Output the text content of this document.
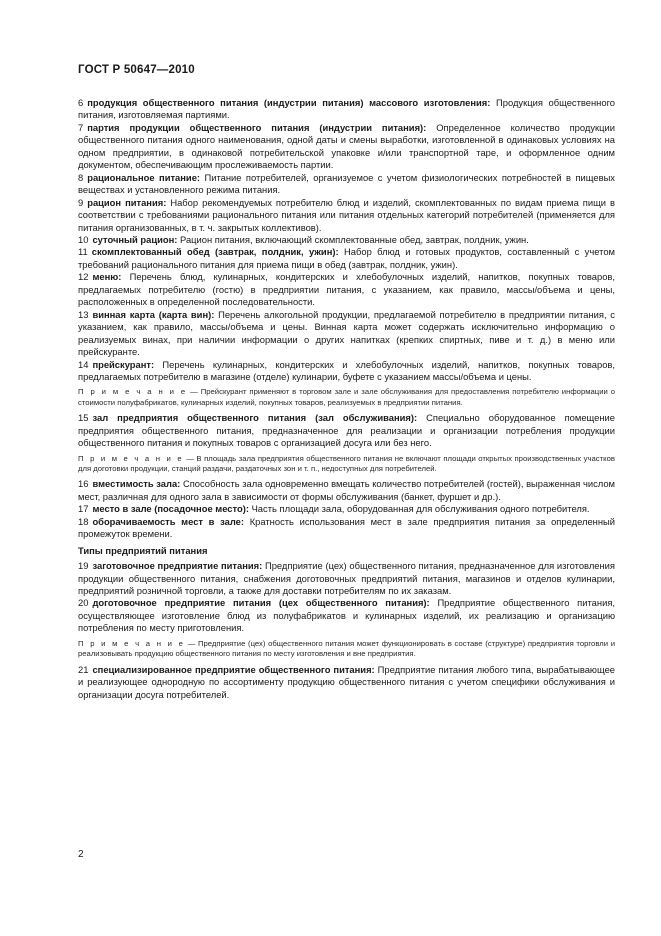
ГОСТ Р 50647—2010

6 продукция общественного питания (индустрии питания) массового изготовления: Продукция общественного питания, изготовляемая партиями.

7 партия продукции общественного питания (индустрии питания): Определенное количество продукции общественного питания одного наименования, одной даты и смены выработки, изготовленной в одинаковых условиях на одном предприятии, в одинаковой потребительской упаковке и/или транспортной таре, и оформленное одним документом, обеспечивающим прослеживаемость партии.

8 рациональное питание: Питание потребителей, организуемое с учетом физиологических потребностей в пищевых веществах и установленного режима питания.

9 рацион питания: Набор рекомендуемых потребителю блюд и изделий, скомплектованных по видам приема пищи в соответствии с требованиями рационального питания или питания отдельных категорий потребителей (применяется для питания организованных, в т. ч. закрытых коллективов).

10 суточный рацион: Рацион питания, включающий скомплектованные обед, завтрак, полдник, ужин.

11 скомплектованный обед (завтрак, полдник, ужин): Набор блюд и готовых продуктов, составленный с учетом требований рационального питания для приема пищи в обед (завтрак, полдник, ужин).

12 меню: Перечень блюд, кулинарных, кондитерских и хлебобулочных изделий, напитков, покупных товаров, предлагаемых потребителю (гостю) в предприятии питания, с указанием, как правило, массы/объема и цены, расположенных в определенной последовательности.

13 винная карта (карта вин): Перечень алкогольной продукции, предлагаемой потребителю в предприятии питания, с указанием, как правило, массы/объема и цены. Винная карта может содержать исключительно информацию о реализуемых винах, при наличии информации о других напитках (крепких спиртных, пиве и т. д.) в меню или прейскуранте.

14 прейскурант: Перечень кулинарных, кондитерских и хлебобулочных изделий, напитков, покупных товаров, предлагаемых потребителю в магазине (отделе) кулинарии, буфете с указанием массы/объема и цены.

П р и м е ч а н и е — Прейскурант применяют в торговом зале и зале обслуживания для предоставления потребителю информации о стоимости полуфабрикатов, кулинарных изделий, покупных товаров, реализуемых в предприятии питания.

15 зал предприятия общественного питания (зал обслуживания): Специально оборудованное помещение предприятия общественного питания, предназначенное для реализации и организации потребления продукции общественного питания и покупных товаров с организацией досуга или без него.

П р и м е ч а н и е — В площадь зала предприятия общественного питания не включают площади открытых производственных участков для доготовки продукции, станций раздачи, раздаточных зон и т. п., недоступных для потребителей.

16 вместимость зала: Способность зала одновременно вмещать количество потребителей (гостей), выраженная числом мест, различная для одного зала в зависимости от формы обслуживания (банкет, фуршет и др.).

17 место в зале (посадочное место): Часть площади зала, оборудованная для обслуживания одного потребителя.

18 оборачиваемость мест в зале: Кратность использования мест в зале предприятия питания за определенный промежуток времени.

Типы предприятий питания

19 заготовочное предприятие питания: Предприятие (цех) общественного питания, предназначенное для изготовления продукции общественного питания, снабжения доготовочных предприятий питания, магазинов и отделов кулинарии, предприятий розничной торговли, а также для доставки потребителям по их заказам.

20 доготовочное предприятие питания (цех общественного питания): Предприятие общественного питания, осуществляющее изготовление блюд из полуфабрикатов и кулинарных изделий, их реализацию и организацию потребления по месту приготовления.

П р и м е ч а н и е — Предприятие (цех) общественного питания может функционировать в составе (структуре) предприятия торговли и реализовывать продукцию общественного питания по месту изготовления и вне предприятия.

21 специализированное предприятие общественного питания: Предприятие питания любого типа, вырабатывающее и реализующее однородную по ассортименту продукцию общественного питания с учетом специфики обслуживания и организации досуга потребителей.

2
